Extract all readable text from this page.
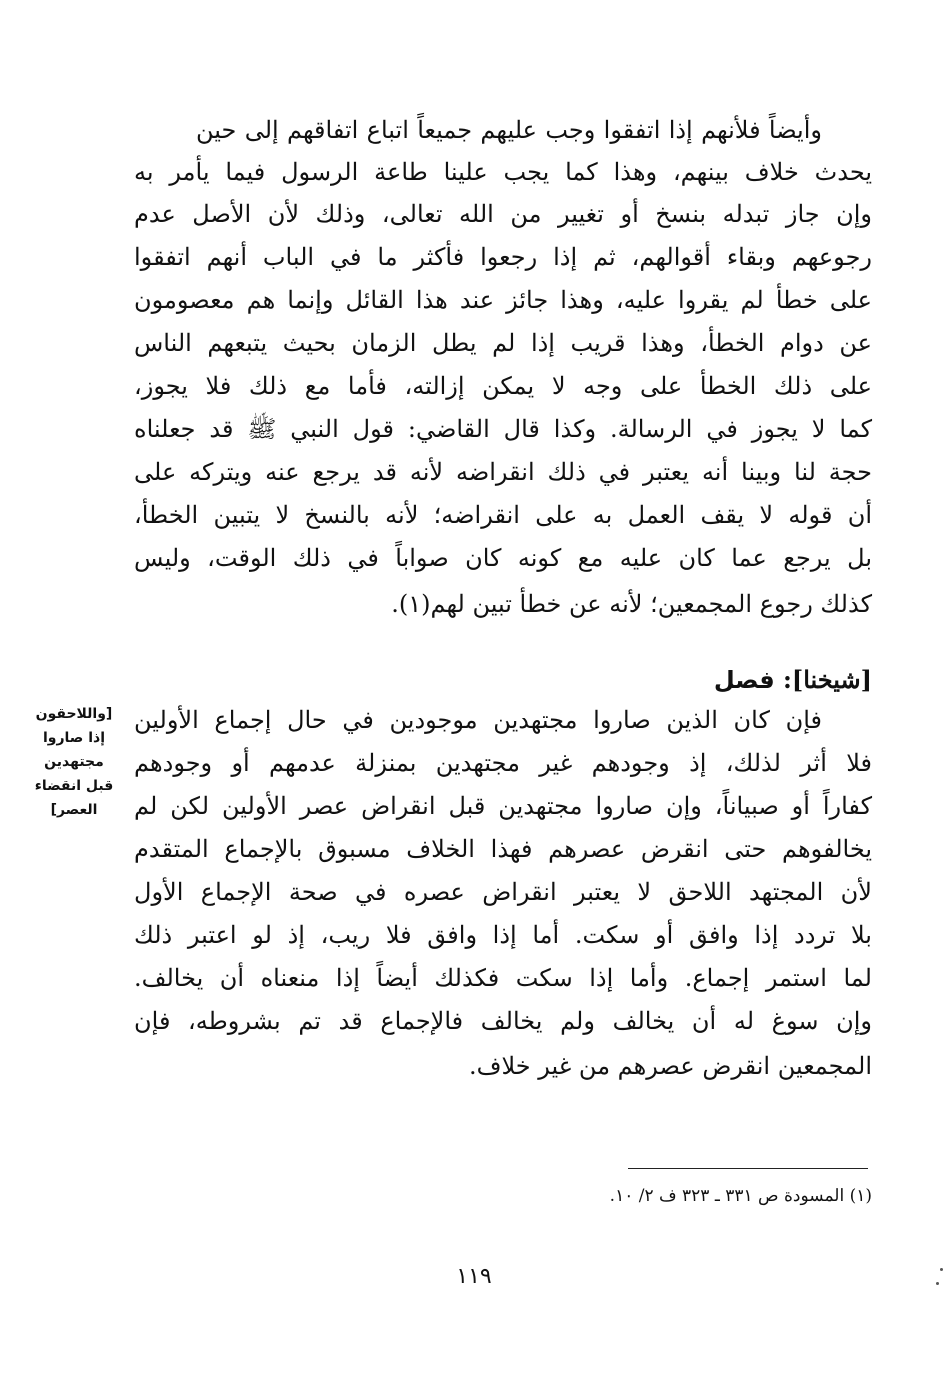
وأيضاً فلأنهم إذا اتفقوا وجب عليهم جميعاً اتباع اتفاقهم إلى حين
يحدث خلاف بينهم، وهذا كما يجب علينا طاعة الرسول فيما يأمر به
وإن جاز تبدله بنسخ أو تغيير من الله تعالى، وذلك لأن الأصل عدم
رجوعهم وبقاء أقوالهم، ثم إذا رجعوا فأكثر ما في الباب أنهم اتفقوا
على خطأ لم يقروا عليه، وهذا جائز عند هذا القائل وإنما هم معصومون
عن دوام الخطأ، وهذا قريب إذا لم يطل الزمان بحيث يتبعهم الناس
على ذلك الخطأ على وجه لا يمكن إزالته، فأما مع ذلك فلا يجوز،
كما لا يجوز في الرسالة. وكذا قال القاضي: قول النبي ﷺ قد جعلناه
حجة لنا وبينا أنه يعتبر في ذلك انقراضه لأنه قد يرجع عنه ويتركه على
أن قوله لا يقف العمل به على انقراضه؛ لأنه بالنسخ لا يتبين الخطأ،
بل يرجع عما كان عليه مع كونه كان صواباً في ذلك الوقت، وليس
كذلك رجوع المجمعين؛ لأنه عن خطأ تبين لهم(١).
[شيخنا]: فصل
[واللاحقون
إذا صاروا
مجتهدين
قبل انقضاء
العصر]
فإن كان الذين صاروا مجتهدين موجودين في حال إجماع الأولين
فلا أثر لذلك، إذ وجودهم غير مجتهدين بمنزلة عدمهم أو وجودهم
كفاراً أو صبياناً، وإن صاروا مجتهدين قبل انقراض عصر الأولين لكن لم
يخالفوهم حتى انقرض عصرهم فهذا الخلاف مسبوق بالإجماع المتقدم
لأن المجتهد اللاحق لا يعتبر انقراض عصره في صحة الإجماع الأول
بلا تردد إذا وافق أو سكت. أما إذا وافق فلا ريب، إذ لو اعتبر ذلك
لما استمر إجماع. وأما إذا سكت فكذلك أيضاً إذا منعناه أن يخالف.
وإن سوغ له أن يخالف ولم يخالف فالإجماع قد تم بشروطه، فإن
المجمعين انقرض عصرهم من غير خلاف.
(١) المسودة ص ٣٣١ ـ ٣٢٣ ف ٢/ ١٠.
١١٩
